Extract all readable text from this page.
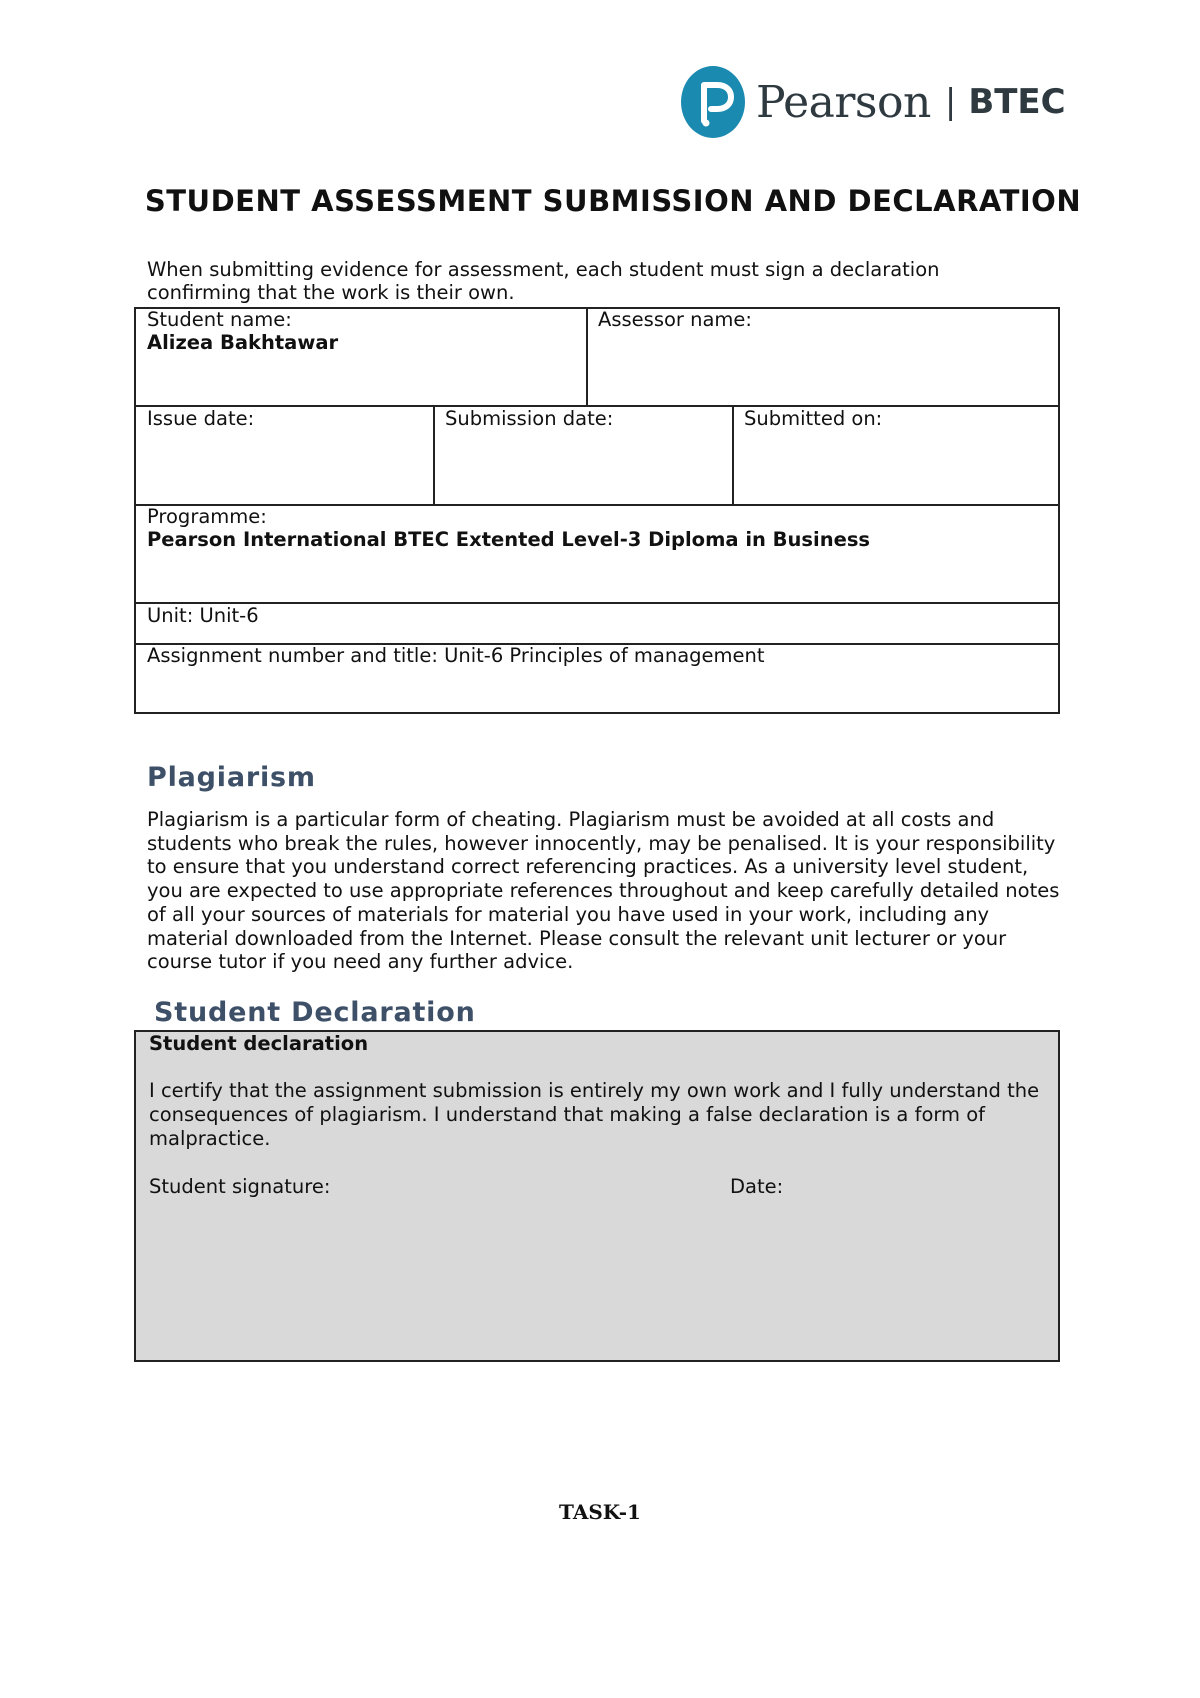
Pearson | BTEC
STUDENT ASSESSMENT SUBMISSION AND DECLARATION
When submitting evidence for assessment, each student must sign a declaration confirming that the work is their own.
Student name:
Alizea Bakhtawar
Assessor name:
Issue date:	Submission date:	Submitted on:
Programme:
Pearson International BTEC Extented Level-3 Diploma in Business
Unit: Unit-6
Assignment number and title: Unit-6 Principles of management
Plagiarism
Plagiarism is a particular form of cheating. Plagiarism must be avoided at all costs and students who break the rules, however innocently, may be penalised. It is your responsibility to ensure that you understand correct referencing practices. As a university level student, you are expected to use appropriate references throughout and keep carefully detailed notes of all your sources of materials for material you have used in your work, including any material downloaded from the Internet. Please consult the relevant unit lecturer or your course tutor if you need any further advice.
Student Declaration
Student declaration
I certify that the assignment submission is entirely my own work and I fully understand the consequences of plagiarism. I understand that making a false declaration is a form of malpractice.
Student signature:	Date:
TASK-1
